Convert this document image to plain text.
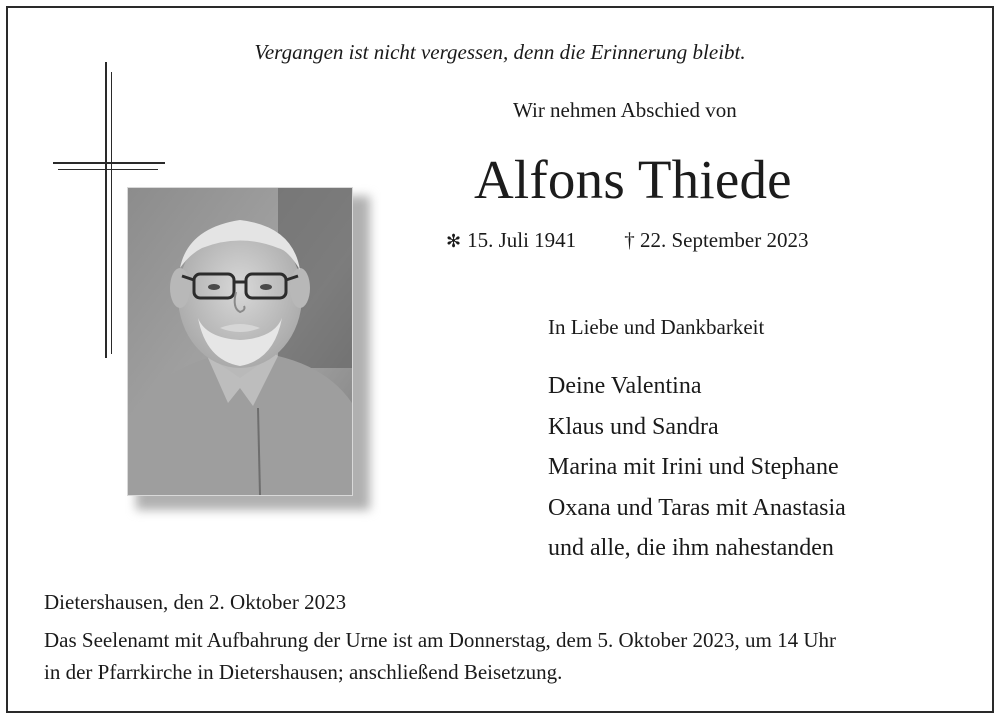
Vergangen ist nicht vergessen, denn die Erinnerung bleibt.
Wir nehmen Abschied von
Alfons Thiede
✻ 15. Juli 1941 † 22. September 2023
In Liebe und Dankbarkeit
Deine Valentina
Klaus und Sandra
Marina mit Irini und Stephane
Oxana und Taras mit Anastasia
und alle, die ihm nahestanden
Dietershausen, den 2. Oktober 2023
Das Seelenamt mit Aufbahrung der Urne ist am Donnerstag, dem 5. Oktober 2023, um 14 Uhr
in der Pfarrkirche in Dietershausen; anschließend Beisetzung.
